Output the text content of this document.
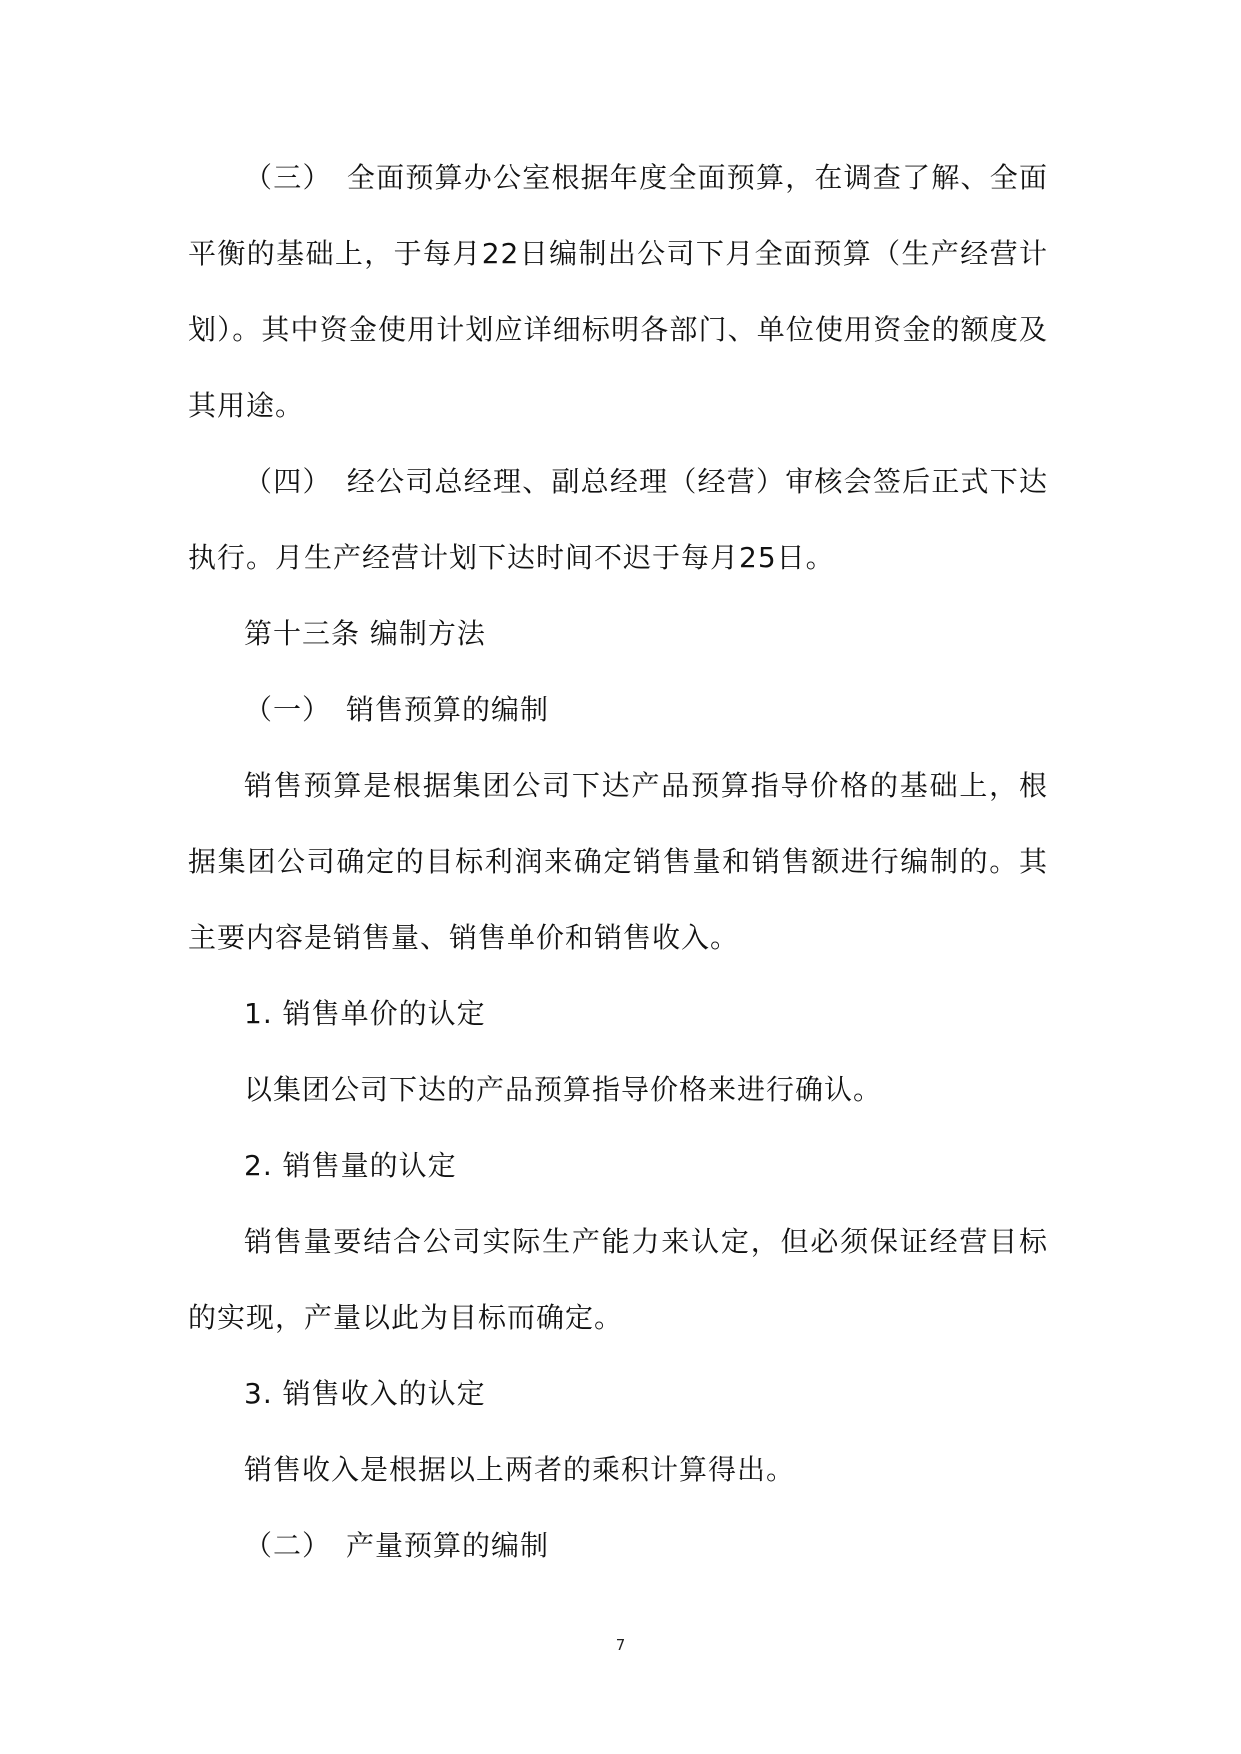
（三）　全面预算办公室根据年度全面预算，在调查了解、全面平衡的基础上，于每月22日编制出公司下月全面预算（生产经营计划）。其中资金使用计划应详细标明各部门、单位使用资金的额度及其用途。

（四）　经公司总经理、副总经理（经营）审核会签后正式下达执行。月生产经营计划下达时间不迟于每月25日。

第十三条 编制方法

（一）　销售预算的编制

销售预算是根据集团公司下达产品预算指导价格的基础上，根据集团公司确定的目标利润来确定销售量和销售额进行编制的。其主要内容是销售量、销售单价和销售收入。

1. 销售单价的认定

以集团公司下达的产品预算指导价格来进行确认。

2. 销售量的认定

销售量要结合公司实际生产能力来认定，但必须保证经营目标的实现，产量以此为目标而确定。

3. 销售收入的认定

销售收入是根据以上两者的乘积计算得出。

（二）　产量预算的编制

7
